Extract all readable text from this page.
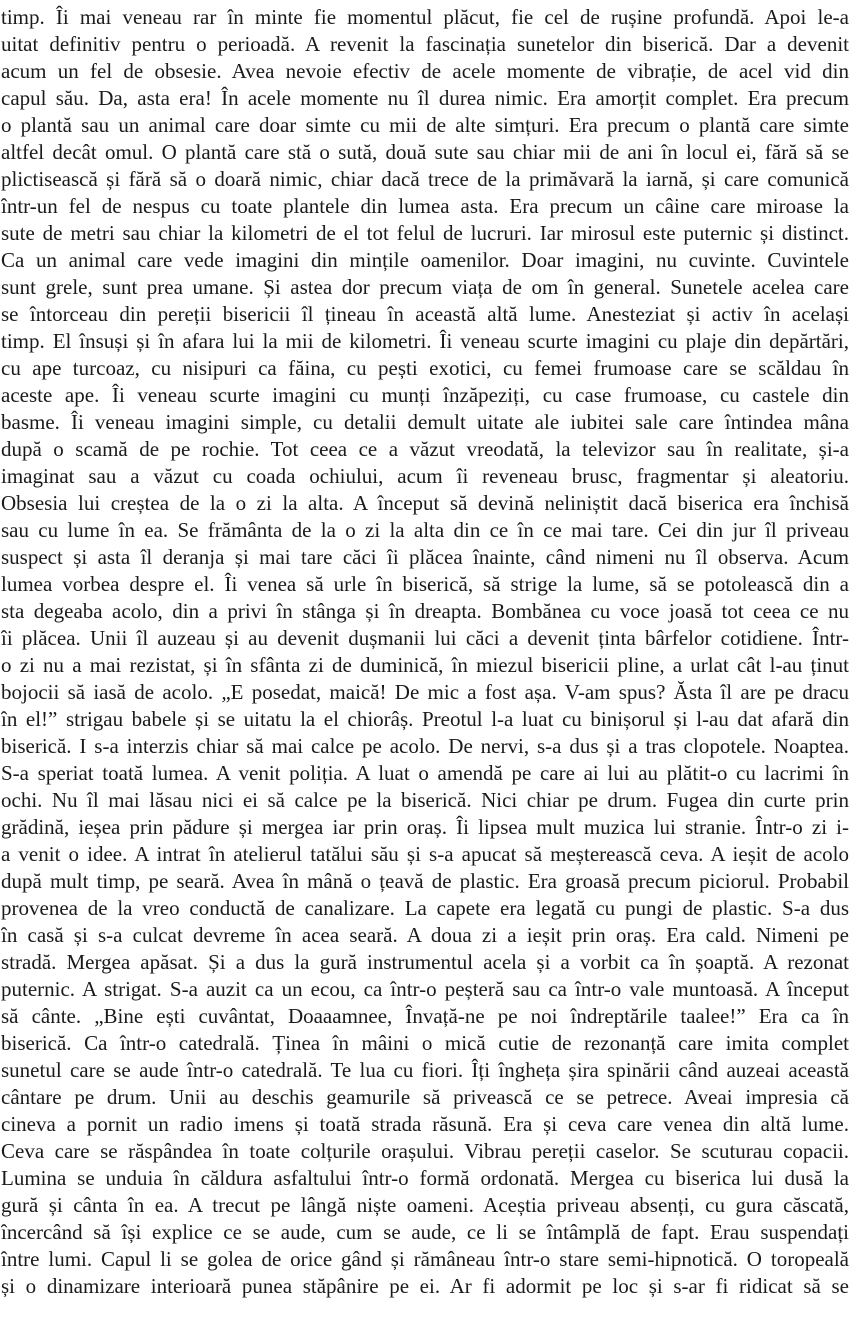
timp. Îi mai veneau rar în minte fie momentul plăcut, fie cel de rușine profundă. Apoi le-a
uitat definitiv pentru o perioadă. A revenit la fascinația sunetelor din biserică. Dar a devenit
acum un fel de obsesie. Avea nevoie efectiv de acele momente de vibrație, de acel vid din
capul său. Da, asta era! În acele momente nu îl durea nimic. Era amorțit complet. Era precum
o plantă sau un animal care doar simte cu mii de alte simțuri. Era precum o plantă care simte
altfel decât omul. O plantă care stă o sută, două sute sau chiar mii de ani în locul ei, fără să se
plictisească și fără să o doară nimic, chiar dacă trece de la primăvară la iarnă, și care comunică
într-un fel de nespus cu toate plantele din lumea asta. Era precum un câine care miroase la
sute de metri sau chiar la kilometri de el tot felul de lucruri. Iar mirosul este puternic și distinct.
Ca un animal care vede imagini din mințile oamenilor. Doar imagini, nu cuvinte. Cuvintele
sunt grele, sunt prea umane. Și astea dor precum viața de om în general. Sunetele acelea care
se întorceau din pereții bisericii îl țineau în această altă lume. Anesteziat și activ în același
timp. El însuși și în afara lui la mii de kilometri. Îi veneau scurte imagini cu plaje din depărtări,
cu ape turcoaz, cu nisipuri ca făina, cu pești exotici, cu femei frumoase care se scăldau în
aceste ape. Îi veneau scurte imagini cu munți înzăpeziți, cu case frumoase, cu castele din
basme. Îi veneau imagini simple, cu detalii demult uitate ale iubitei sale care întindea mâna
după o scamă de pe rochie. Tot ceea ce a văzut vreodată, la televizor sau în realitate, și-a
imaginat sau a văzut cu coada ochiului, acum îi reveneau brusc, fragmentar și aleatoriu.
Obsesia lui creștea de la o zi la alta. A început să devină neliniștit dacă biserica era închisă
sau cu lume în ea. Se frământa de la o zi la alta din ce în ce mai tare. Cei din jur îl priveau
suspect și asta îl deranja și mai tare căci îi plăcea înainte, când nimeni nu îl observa. Acum
lumea vorbea despre el. Îi venea să urle în biserică, să strige la lume, să se potolească din a
sta degeaba acolo, din a privi în stânga și în dreapta. Bombănea cu voce joasă tot ceea ce nu
îi plăcea. Unii îl auzeau și au devenit dușmanii lui căci a devenit ținta bârfelor cotidiene. Într-
o zi nu a mai rezistat, și în sfânta zi de duminică, în miezul bisericii pline, a urlat cât l-au ținut
bojocii să iasă de acolo. „E posedat, maică! De mic a fost așa. V-am spus? Ăsta îl are pe dracu
în el!” strigau babele și se uitatu la el chiorâș. Preotul l-a luat cu binișorul și l-au dat afară din
biserică. I s-a interzis chiar să mai calce pe acolo. De nervi, s-a dus și a tras clopotele. Noaptea.
S-a speriat toată lumea. A venit poliția. A luat o amendă pe care ai lui au plătit-o cu lacrimi în
ochi. Nu îl mai lăsau nici ei să calce pe la biserică. Nici chiar pe drum. Fugea din curte prin
grădină, ieșea prin pădure și mergea iar prin oraș. Îi lipsea mult muzica lui stranie. Într-o zi i-
a venit o idee. A intrat în atelierul tatălui său și s-a apucat să meșterească ceva. A ieșit de acolo
după mult timp, pe seară. Avea în mână o țeavă de plastic. Era groasă precum piciorul. Probabil
provenea de la vreo conductă de canalizare. La capete era legată cu pungi de plastic. S-a dus
în casă și s-a culcat devreme în acea seară. A doua zi a ieșit prin oraș. Era cald. Nimeni pe
stradă. Mergea apăsat. Și a dus la gură instrumentul acela și a vorbit ca în șoaptă. A rezonat
puternic. A strigat. S-a auzit ca un ecou, ca într-o peșteră sau ca într-o vale muntoasă. A început
să cânte. „Bine ești cuvântat, Doaaamnee, Învață-ne pe noi îndreptările taalee!” Era ca în
biserică. Ca într-o catedrală. Ținea în mâini o mică cutie de rezonanță care imita complet
sunetul care se aude într-o catedrală. Te lua cu fiori. Îți îngheța șira spinării când auzeai această
cântare pe drum. Unii au deschis geamurile să privească ce se petrece. Aveai impresia că
cineva a pornit un radio imens și toată strada răsună. Era și ceva care venea din altă lume.
Ceva care se răspândea în toate colțurile orașului. Vibrau pereții caselor. Se scuturau copacii.
Lumina se unduia în căldura asfaltului într-o formă ordonată. Mergea cu biserica lui dusă la
gură și cânta în ea. A trecut pe lângă niște oameni. Aceștia priveau absenți, cu gura căscată,
încercând să își explice ce se aude, cum se aude, ce li se întâmplă de fapt. Erau suspendați
între lumi. Capul li se golea de orice gând și rămâneau într-o stare semi-hipnotică. O toropeală
și o dinamizare interioară punea stăpânire pe ei. Ar fi adormit pe loc și s-ar fi ridicat să se
